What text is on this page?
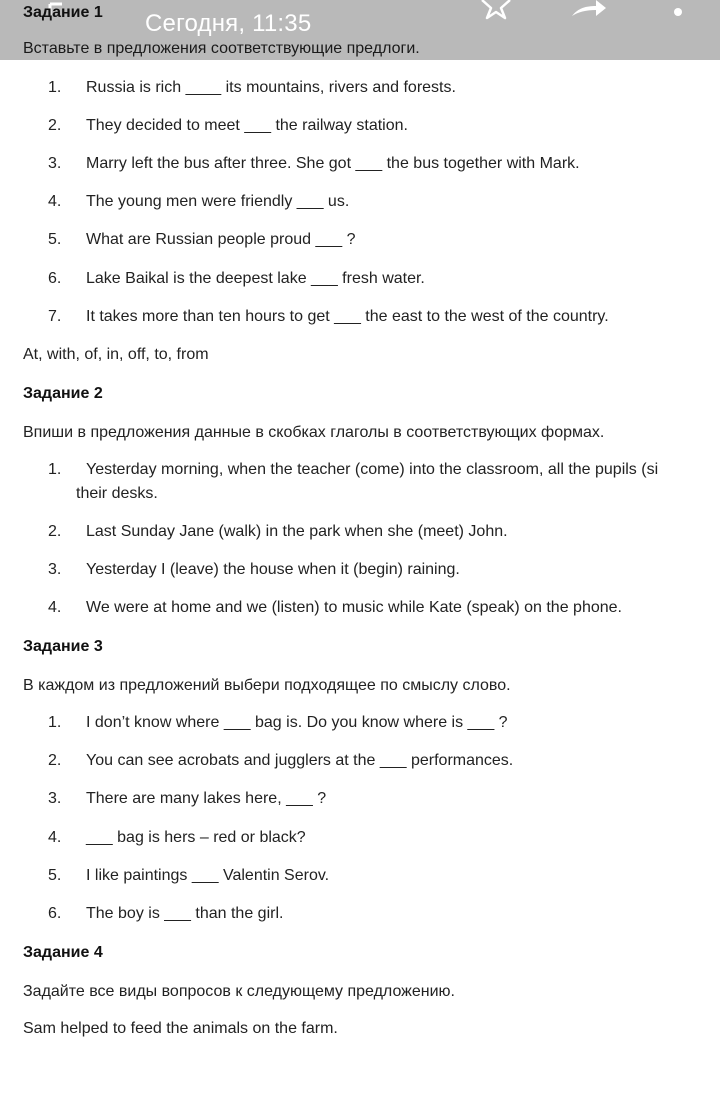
Сегодня, 11:35
Задание 1
Вставьте в предложения соответствующие предлоги.
1.	Russia is rich ____ its mountains, rivers and forests.
2.	They decided to meet ___ the railway station.
3.	Marry left the bus after three. She got ___ the bus together with Mark.
4.	The young men were friendly ___ us.
5.	What are Russian people proud ___ ?
6.	Lake Baikal is the deepest lake ___ fresh water.
7.	It takes more than ten hours to get ___ the east to the west of the country.
At, with, of, in, off, to, from
Задание 2
Впиши в предложения данные в скобках глаголы в соответствующих формах.
1.	Yesterday morning, when the teacher (come) into the classroom, all the pupils (si
their desks.
2.	Last Sunday Jane (walk) in the park when she (meet) John.
3.	Yesterday I (leave) the house when it (begin) raining.
4.	We were at home and we (listen) to music while Kate (speak) on the phone.
Задание 3
В каждом из предложений выбери подходящее по смыслу слово.
1.	I don’t know where ___ bag is. Do you know where is ___ ?
2.	You can see acrobats and jugglers at the ___ performances.
3.	There are many lakes here, ___ ?
4.	___ bag is hers – red or black?
5.	I like paintings ___ Valentin Serov.
6.	The boy is ___ than the girl.
Задание 4
Задайте все виды вопросов к следующему предложению.
Sam helped to feed the animals on the farm.
